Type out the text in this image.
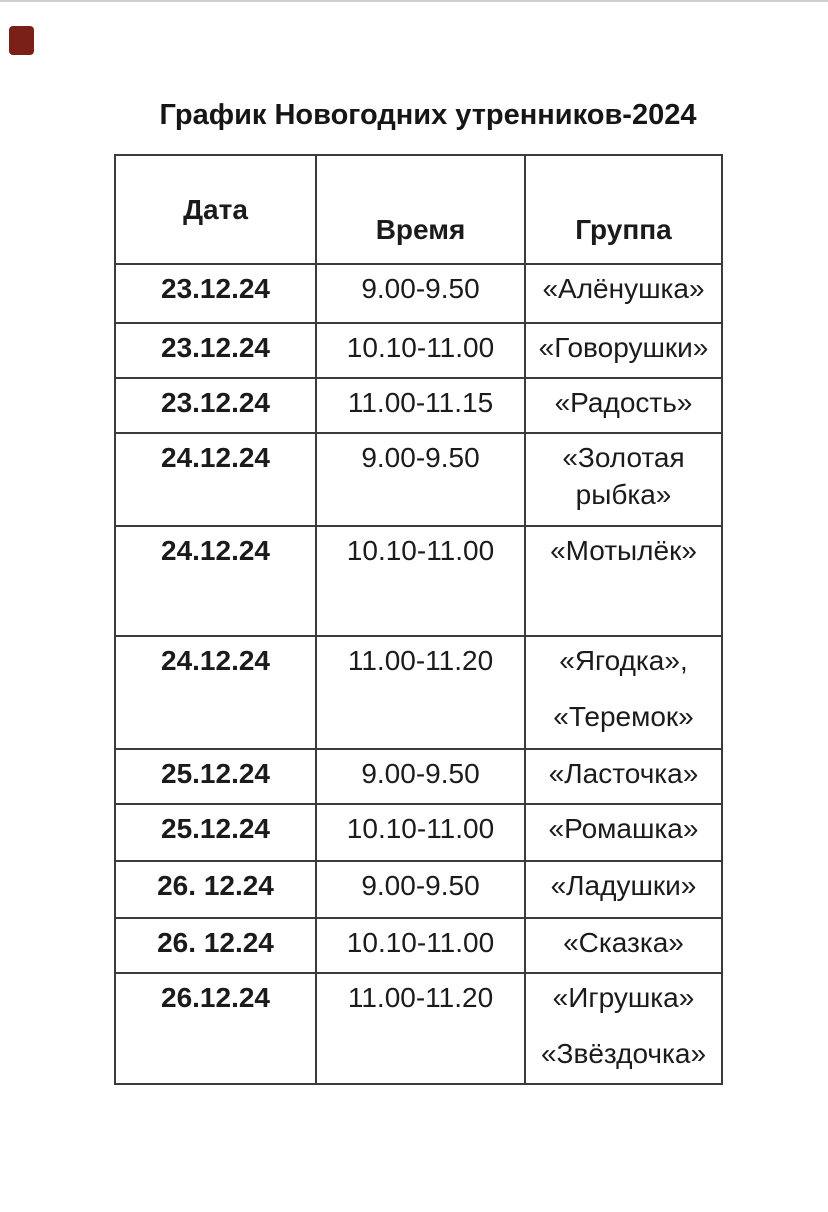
График Новогодних утренников-2024
Дата	Время	Группа
23.12.24	9.00-9.50	«Алёнушка»

23.12.24	10.10-11.00	«Говорушки»

23.12.24	11.00-11.15	«Радость»

24.12.24	9.00-9.50	«Золотая
рыбка»

24.12.24	10.10-11.00	«Мотылёк»

24.12.24	11.00-11.20	«Ягодка»,
«Теремок»

25.12.24	9.00-9.50	«Ласточка»

25.12.24	10.10-11.00	«Ромашка»

26. 12.24	9.00-9.50	«Ладушки»

26. 12.24	10.10-11.00	«Сказка»

26.12.24	11.00-11.20	«Игрушка»
«Звёздочка»
